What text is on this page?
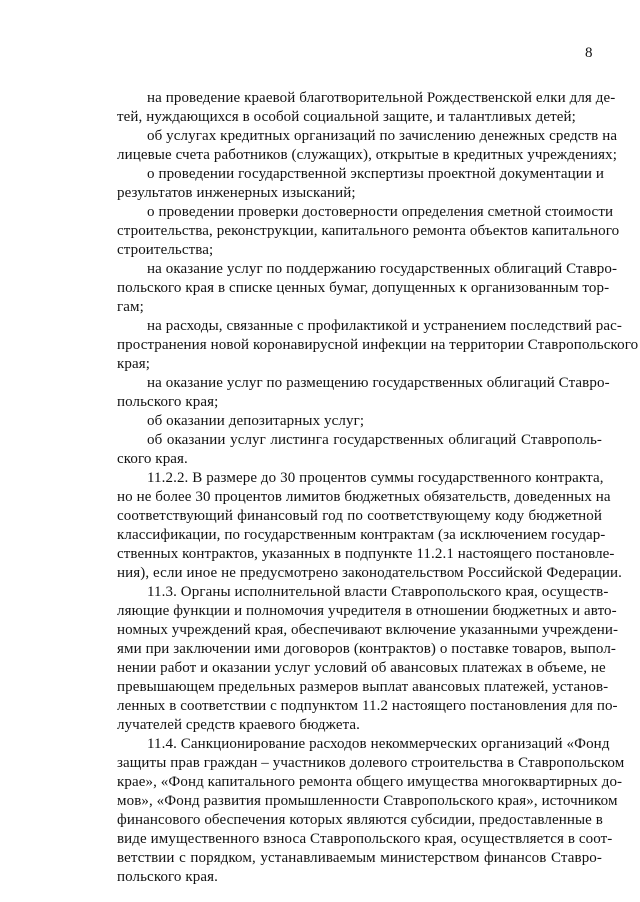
8
на проведение краевой благотворительной Рождественской елки для де-
тей, нуждающихся в особой социальной защите, и талантливых детей;
об услугах кредитных организаций по зачислению денежных средств на
лицевые счета работников (служащих), открытые в кредитных учреждениях;
о проведении государственной экспертизы проектной документации и
результатов инженерных изысканий;
о проведении проверки достоверности определения сметной стоимости
строительства, реконструкции, капитального ремонта объектов капитального
строительства;
на оказание услуг по поддержанию государственных облигаций Ставро-
польского края в списке ценных бумаг, допущенных к организованным тор-
гам;
на расходы, связанные с профилактикой и устранением последствий рас-
пространения новой коронавирусной инфекции на территории Ставропольского
края;
на оказание услуг по размещению государственных облигаций Ставро-
польского края;
об оказании депозитарных услуг;
об оказании услуг листинга государственных облигаций Ставрополь-
ского края.
11.2.2. В размере до 30 процентов суммы государственного контракта,
но не более 30 процентов лимитов бюджетных обязательств, доведенных на
соответствующий финансовый год по соответствующему коду бюджетной
классификации, по государственным контрактам (за исключением государ-
ственных контрактов, указанных в подпункте 11.2.1 настоящего постановле-
ния), если иное не предусмотрено законодательством Российской Федерации.
11.3. Органы исполнительной власти Ставропольского края, осуществ-
ляющие функции и полномочия учредителя в отношении бюджетных и авто-
номных учреждений края, обеспечивают включение указанными учреждени-
ями при заключении ими договоров (контрактов) о поставке товаров, выпол-
нении работ и оказании услуг условий об авансовых платежах в объеме, не
превышающем предельных размеров выплат авансовых платежей, установ-
ленных в соответствии с подпунктом 11.2 настоящего постановления для по-
лучателей средств краевого бюджета.
11.4. Санкционирование расходов некоммерческих организаций «Фонд
защиты прав граждан – участников долевого строительства в Ставропольском
крае», «Фонд капитального ремонта общего имущества многоквартирных до-
мов», «Фонд развития промышленности Ставропольского края», источником
финансового обеспечения которых являются субсидии, предоставленные в
виде имущественного взноса Ставропольского края, осуществляется в соот-
ветствии с порядком, устанавливаемым министерством финансов Ставро-
польского края.
